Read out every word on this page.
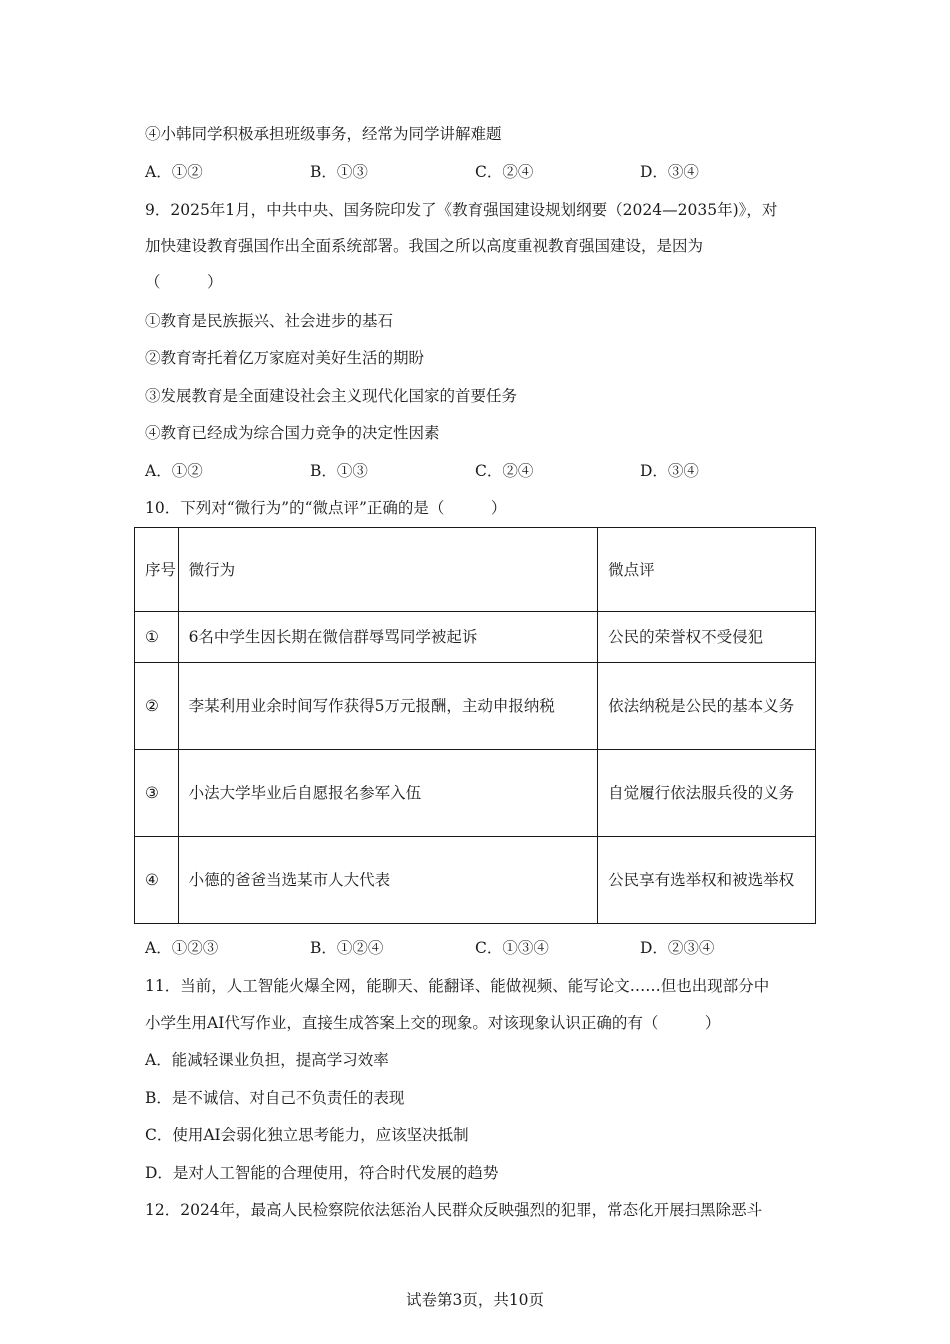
④小韩同学积极承担班级事务，经常为同学讲解难题
A．①②	B．①③	C．②④	D．③④
9．2025年1月，中共中央、国务院印发了《教育强国建设规划纲要（2024—2035年)》，对
加快建设教育强国作出全面系统部署。我国之所以高度重视教育强国建设，是因为
（　　　）
①教育是民族振兴、社会进步的基石
②教育寄托着亿万家庭对美好生活的期盼
③发展教育是全面建设社会主义现代化国家的首要任务
④教育已经成为综合国力竞争的决定性因素
A．①②	B．①③	C．②④	D．③④
10．下列对“微行为”的“微点评”正确的是（　　　）
序号	微行为	微点评
①	6名中学生因长期在微信群辱骂同学被起诉	公民的荣誉权不受侵犯
②	李某利用业余时间写作获得5万元报酬，主动申报纳税	依法纳税是公民的基本义务
③	小法大学毕业后自愿报名参军入伍	自觉履行依法服兵役的义务
④	小德的爸爸当选某市人大代表	公民享有选举权和被选举权
A．①②③	B．①②④	C．①③④	D．②③④
11．当前，人工智能火爆全网，能聊天、能翻译、能做视频、能写论文……但也出现部分中
小学生用AI代写作业，直接生成答案上交的现象。对该现象认识正确的有（　　　）
A．能减轻课业负担，提高学习效率
B．是不诚信、对自己不负责任的表现
C．使用AI会弱化独立思考能力，应该坚决抵制
D．是对人工智能的合理使用，符合时代发展的趋势
12．2024年，最高人民检察院依法惩治人民群众反映强烈的犯罪，常态化开展扫黑除恶斗
试卷第3页，共10页
